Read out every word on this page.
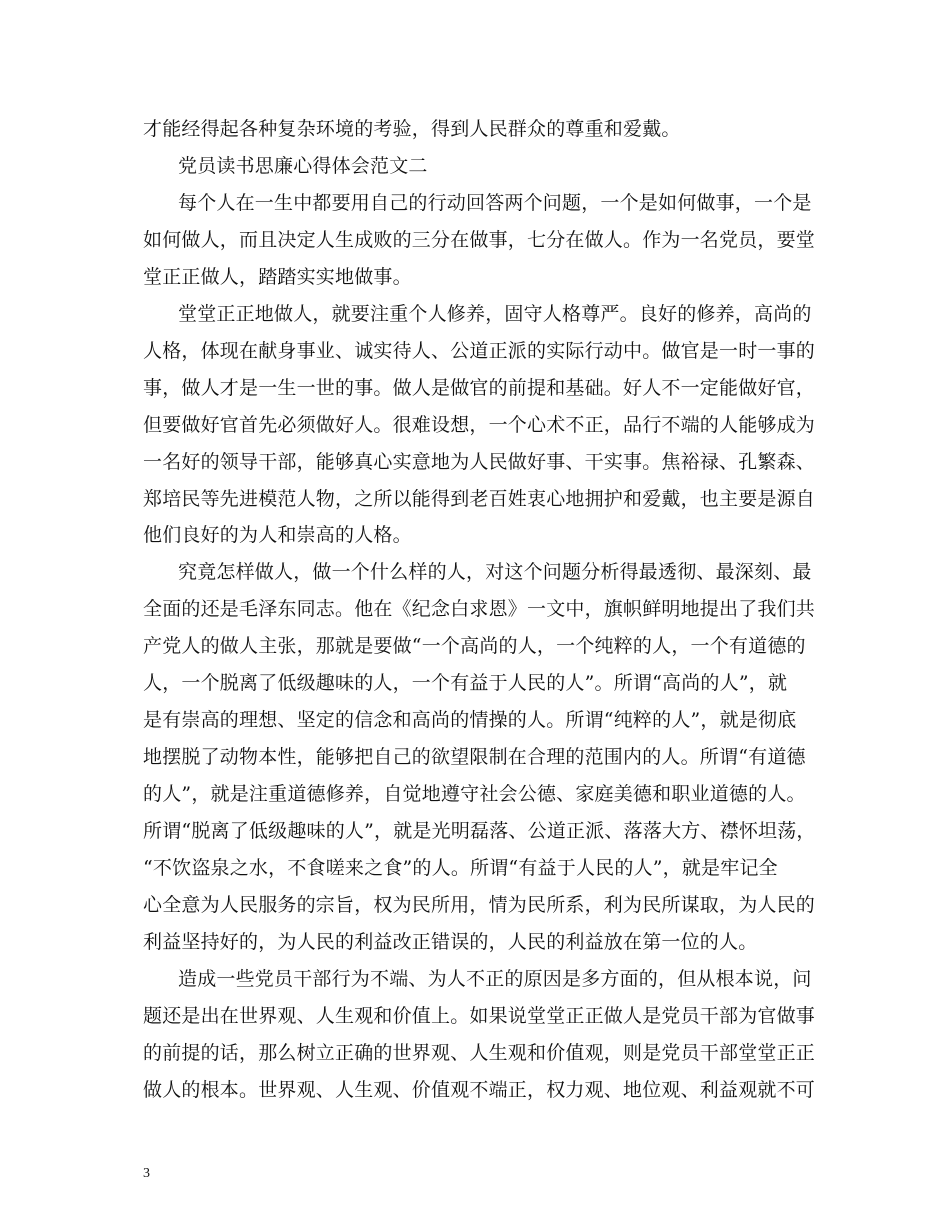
才能经得起各种复杂环境的考验，得到人民群众的尊重和爱戴。
党员读书思廉心得体会范文二
每个人在一生中都要用自己的行动回答两个问题，一个是如何做事，一个是
如何做人，而且决定人生成败的三分在做事，七分在做人。作为一名党员，要堂
堂正正做人，踏踏实实地做事。
堂堂正正地做人，就要注重个人修养，固守人格尊严。良好的修养，高尚的
人格，体现在献身事业、诚实待人、公道正派的实际行动中。做官是一时一事的
事，做人才是一生一世的事。做人是做官的前提和基础。好人不一定能做好官，
但要做好官首先必须做好人。很难设想，一个心术不正，品行不端的人能够成为
一名好的领导干部，能够真心实意地为人民做好事、干实事。焦裕禄、孔繁森、
郑培民等先进模范人物，之所以能得到老百姓衷心地拥护和爱戴，也主要是源自
他们良好的为人和崇高的人格。
究竟怎样做人，做一个什么样的人，对这个问题分析得最透彻、最深刻、最
全面的还是毛泽东同志。他在《纪念白求恩》一文中，旗帜鲜明地提出了我们共
产党人的做人主张，那就是要做“一个高尚的人，一个纯粹的人，一个有道德的
人，一个脱离了低级趣味的人，一个有益于人民的人”。所谓“高尚的人”，就
是有崇高的理想、坚定的信念和高尚的情操的人。所谓“纯粹的人”，就是彻底
地摆脱了动物本性，能够把自己的欲望限制在合理的范围内的人。所谓“有道德
的人”，就是注重道德修养，自觉地遵守社会公德、家庭美德和职业道德的人。
所谓“脱离了低级趣味的人”，就是光明磊落、公道正派、落落大方、襟怀坦荡，
“不饮盗泉之水，不食嗟来之食”的人。所谓“有益于人民的人”，就是牢记全
心全意为人民服务的宗旨，权为民所用，情为民所系，利为民所谋取，为人民的
利益坚持好的，为人民的利益改正错误的，人民的利益放在第一位的人。
造成一些党员干部行为不端、为人不正的原因是多方面的，但从根本说，问
题还是出在世界观、人生观和价值上。如果说堂堂正正做人是党员干部为官做事
的前提的话，那么树立正确的世界观、人生观和价值观，则是党员干部堂堂正正
做人的根本。世界观、人生观、价值观不端正，权力观、地位观、利益观就不可
3
